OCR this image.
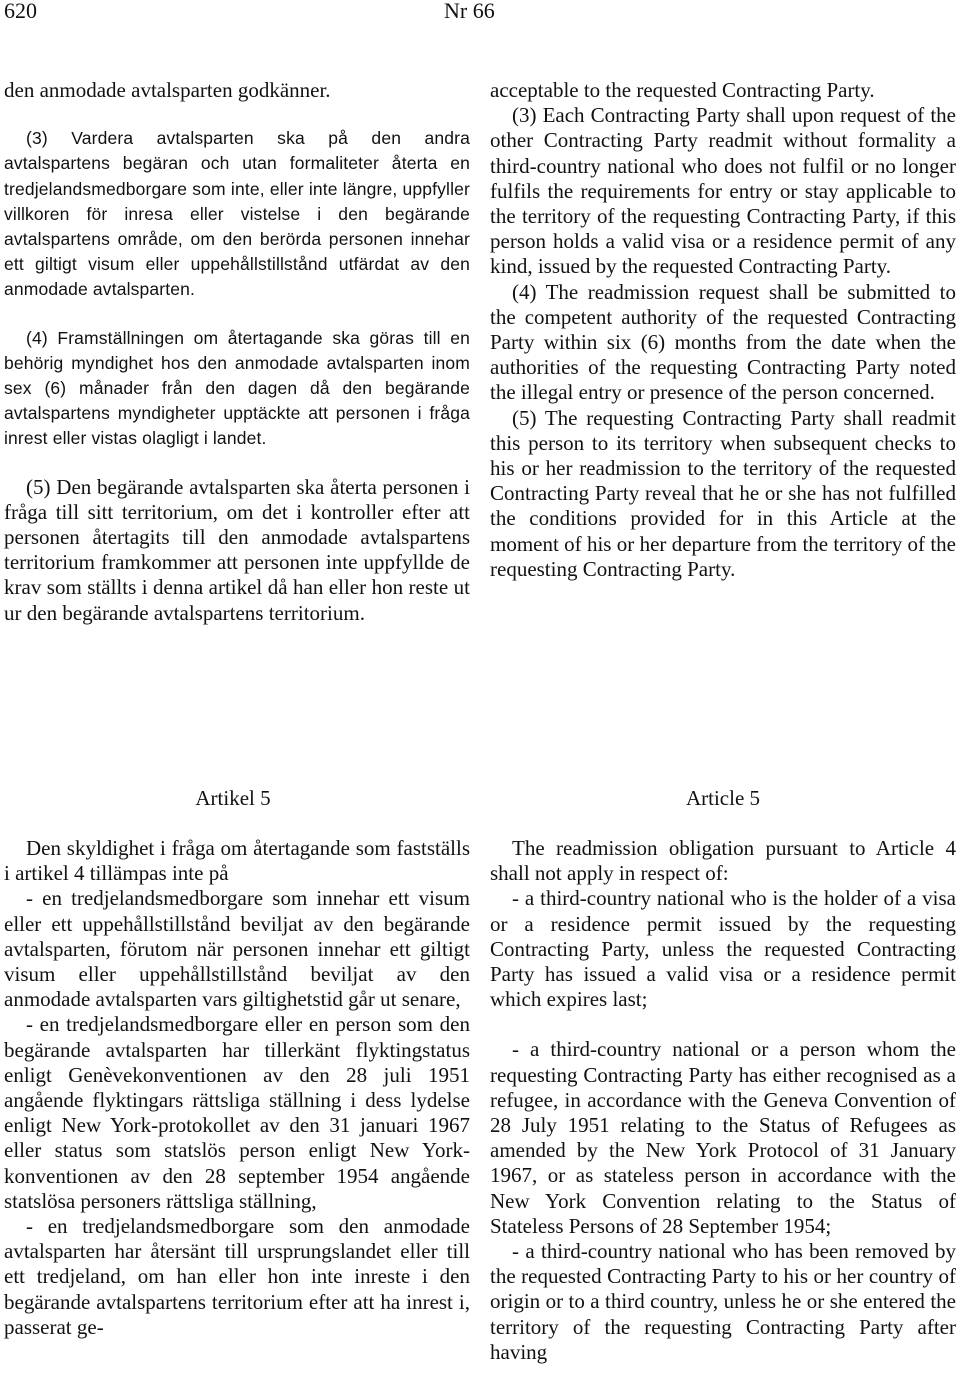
620	Nr 66

den anmodade avtalsparten godkänner.

(3) Vardera avtalsparten ska på den andra avtalspartens begäran och utan formaliteter återta en tredjelandsmedborgare som inte, eller inte längre, uppfyller villkoren för inresa eller vistelse i den begärande avtalspartens område, om den berörda personen innehar ett giltigt visum eller uppehållstillstånd utfärdat av den anmodade avtalsparten.

(4) Framställningen om återtagande ska göras till en behörig myndighet hos den anmodade avtalsparten inom sex (6) månader från den dagen då den begärande avtalspartens myndigheter upptäckte att personen i fråga inrest eller vistas olagligt i landet.

(5) Den begärande avtalsparten ska återta personen i fråga till sitt territorium, om det i kontroller efter att personen återtagits till den anmodade avtalspartens territorium framkommer att personen inte uppfyllde de krav som ställts i denna artikel då han eller hon reste ut ur den begärande avtalspartens territorium.

acceptable to the requested Contracting Party.

(3) Each Contracting Party shall upon request of the other Contracting Party readmit without formality a third-country national who does not fulfil or no longer fulfils the requirements for entry or stay applicable to the territory of the requesting Contracting Party, if this person holds a valid visa or a residence permit of any kind, issued by the requested Contracting Party.

(4) The readmission request shall be submitted to the competent authority of the requested Contracting Party within six (6) months from the date when the authorities of the requesting Contracting Party noted the illegal entry or presence of the person concerned.

(5) The requesting Contracting Party shall readmit this person to its territory when subsequent checks to his or her readmission to the territory of the requested Contracting Party reveal that he or she has not fulfilled the conditions provided for in this Article at the moment of his or her departure from the territory of the requesting Contracting Party.

Artikel 5	Article 5

Den skyldighet i fråga om återtagande som fastställs i artikel 4 tillämpas inte på

- en tredjelandsmedborgare som innehar ett visum eller ett uppehållstillstånd beviljat av den begärande avtalsparten, förutom när personen innehar ett giltigt visum eller uppehållstillstånd beviljat av den anmodade avtalsparten vars giltighetstid går ut senare,

- en tredjelandsmedborgare eller en person som den begärande avtalsparten har tillerkänt flyktingstatus enligt Genèvekonventionen av den 28 juli 1951 angående flyktingars rättsliga ställning i dess lydelse enligt New York-protokollet av den 31 januari 1967 eller status som statslös person enligt New York-konventionen av den 28 september 1954 angående statslösa personers rättsliga ställning,

- en tredjelandsmedborgare som den anmodade avtalsparten har återsänt till ursprungslandet eller till ett tredjeland, om han eller hon inte inreste i den begärande avtalspartens territorium efter att ha inrest i, passerat ge-

The readmission obligation pursuant to Article 4 shall not apply in respect of:

- a third-country national who is the holder of a visa or a residence permit issued by the requesting Contracting Party, unless the requested Contracting Party has issued a valid visa or a residence permit which expires last;

- a third-country national or a person whom the requesting Contracting Party has either recognised as a refugee, in accordance with the Geneva Convention of 28 July 1951 relating to the Status of Refugees as amended by the New York Protocol of 31 January 1967, or as stateless person in accordance with the New York Convention relating to the Status of Stateless Persons of 28 September 1954;

- a third-country national who has been removed by the requested Contracting Party to his or her country of origin or to a third country, unless he or she entered the territory of the requesting Contracting Party after having
